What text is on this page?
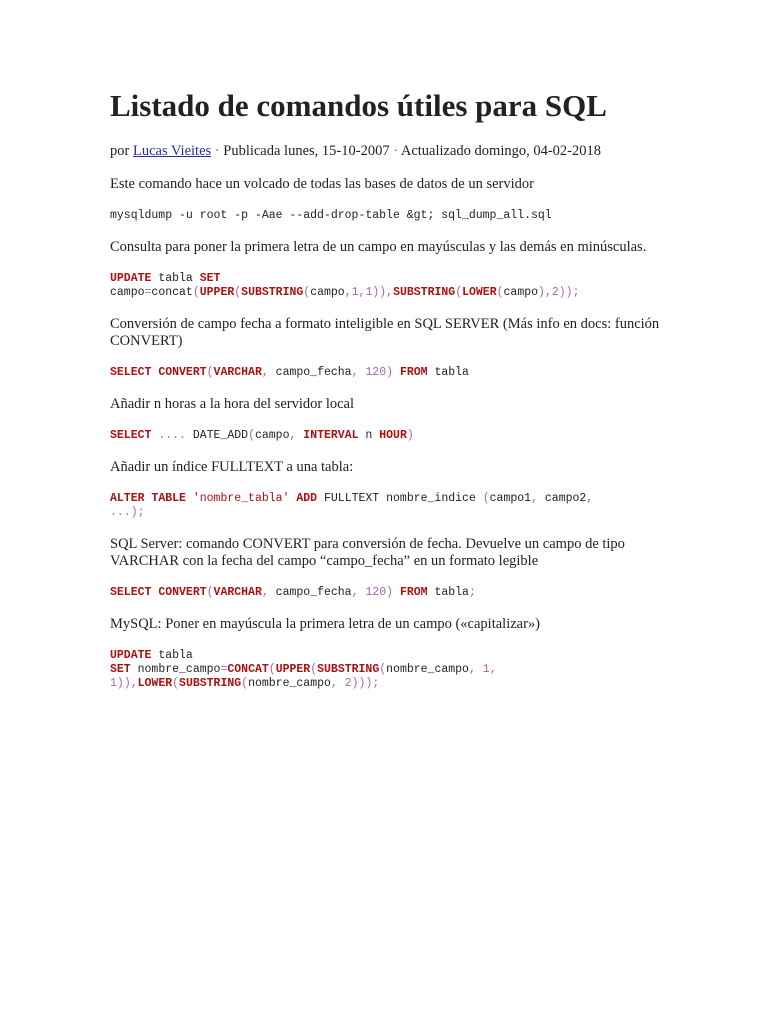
Listado de comandos útiles para SQL
por Lucas Vieites · Publicada lunes, 15-10-2007 · Actualizado domingo, 04-02-2018

Este comando hace un volcado de todas las bases de datos de un servidor

mysqldump -u root -p -Aae --add-drop-table &gt; sql_dump_all.sql

Consulta para poner la primera letra de un campo en mayúsculas y las demás en minúsculas.

UPDATE tabla SET
campo=concat(UPPER(SUBSTRING(campo,1,1)),SUBSTRING(LOWER(campo),2));

Conversión de campo fecha a formato inteligible en SQL SERVER (Más info en docs: función CONVERT)

SELECT CONVERT(VARCHAR, campo_fecha, 120) FROM tabla

Añadir n horas a la hora del servidor local

SELECT .... DATE_ADD(campo, INTERVAL n HOUR)

Añadir un índice FULLTEXT a una tabla:

ALTER TABLE 'nombre_tabla' ADD FULLTEXT nombre_indice (campo1, campo2,
...);

SQL Server: comando CONVERT para conversión de fecha. Devuelve un campo de tipo VARCHAR con la fecha del campo “campo_fecha” en un formato legible

SELECT CONVERT(VARCHAR, campo_fecha, 120) FROM tabla;

MySQL: Poner en mayúscula la primera letra de un campo («capitalizar»)

UPDATE tabla
SET nombre_campo=CONCAT(UPPER(SUBSTRING(nombre_campo, 1,
1)),LOWER(SUBSTRING(nombre_campo, 2)));
